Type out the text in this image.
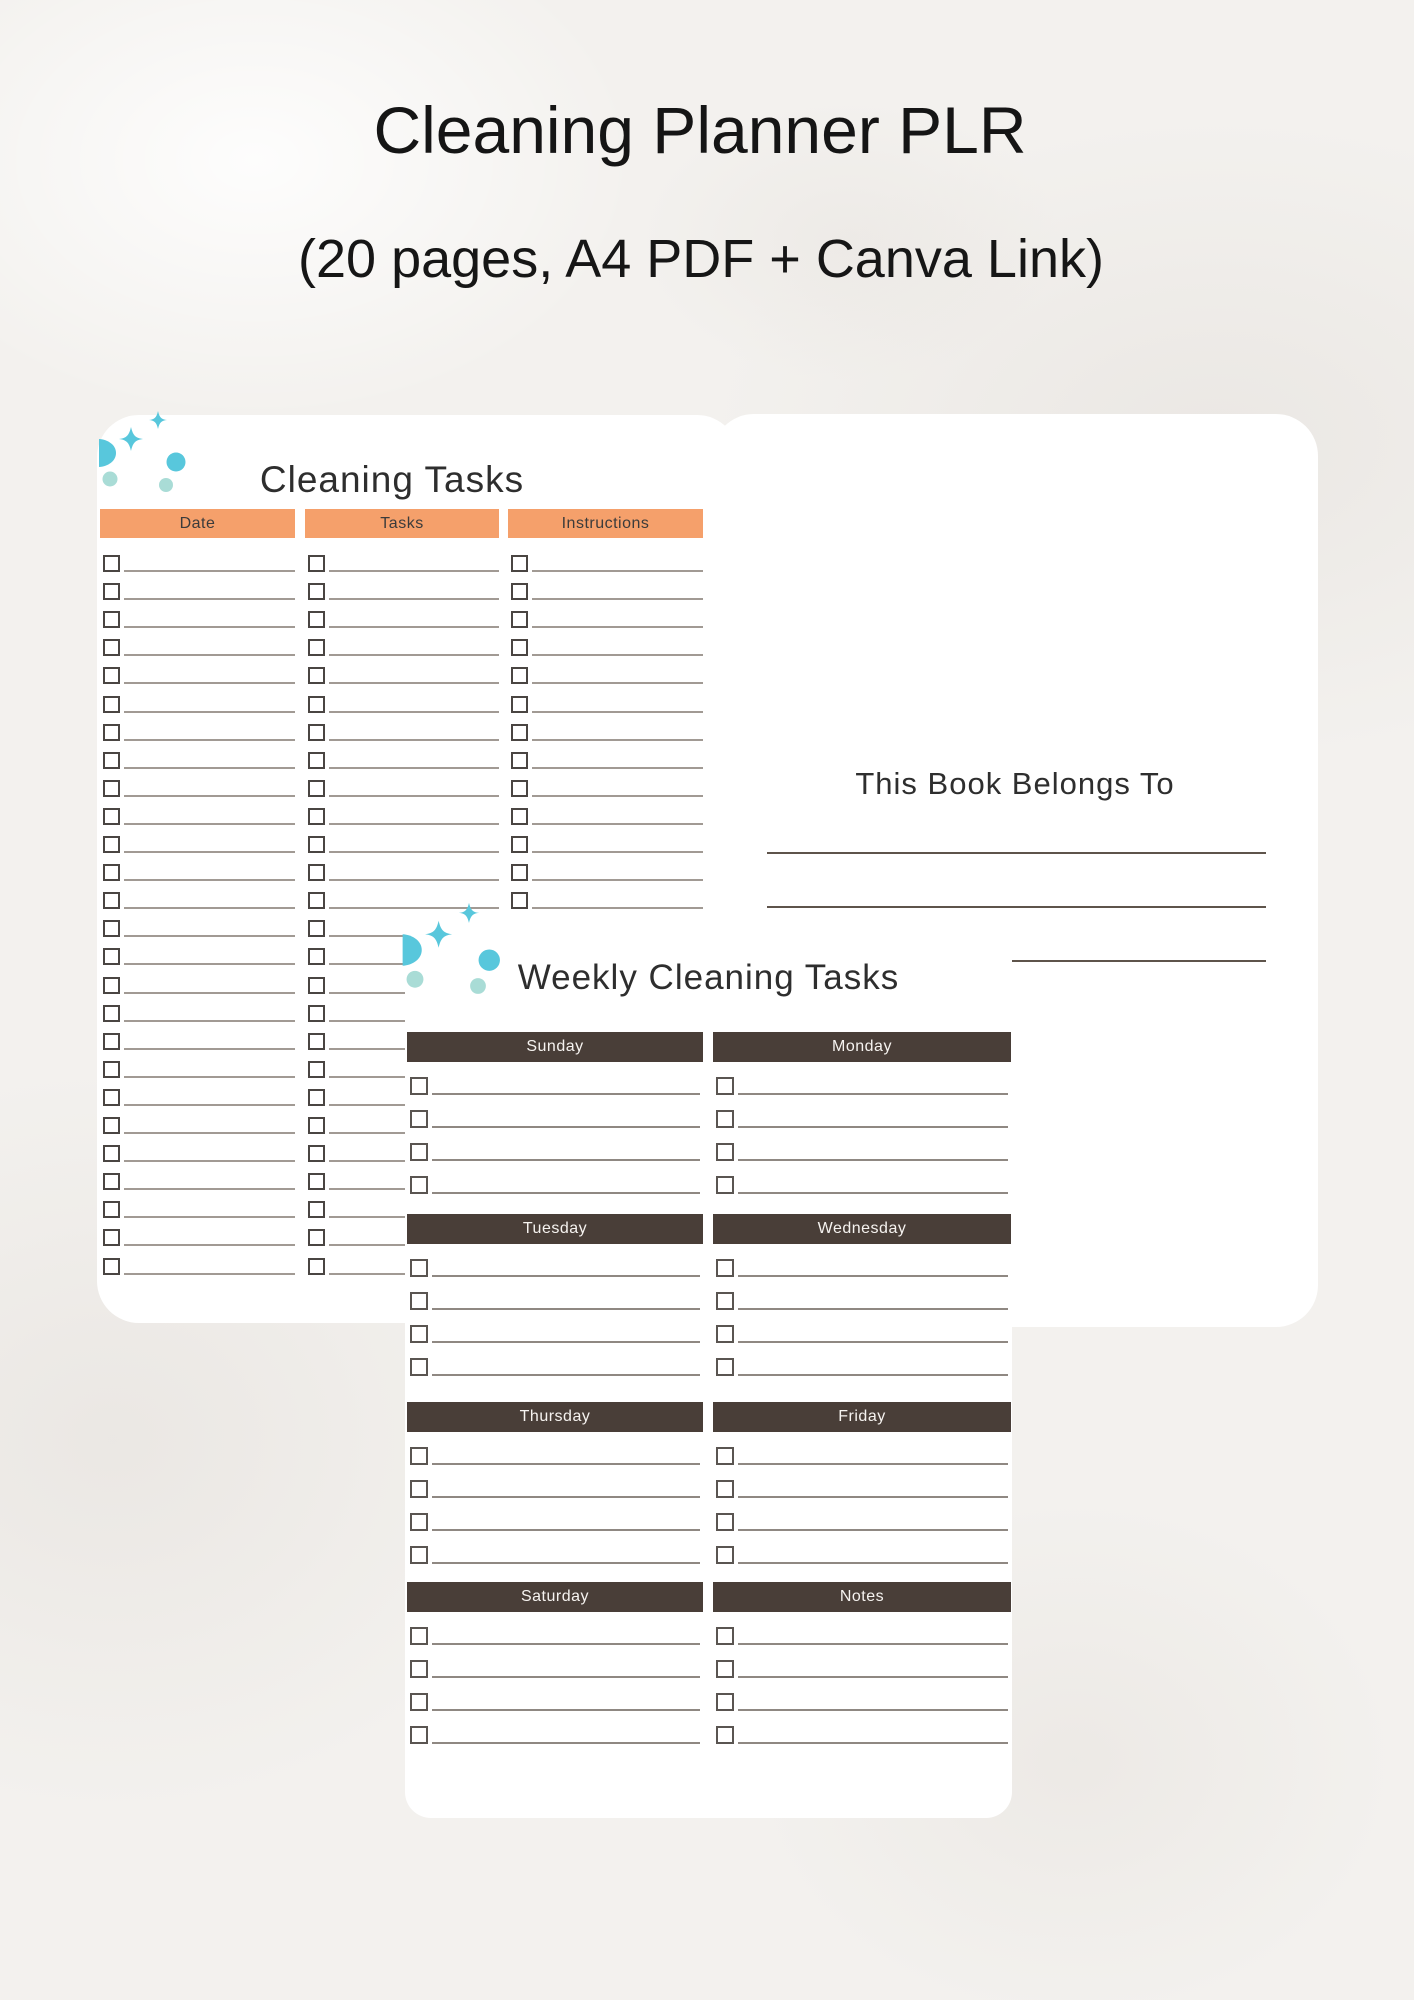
Cleaning Planner PLR
(20 pages, A4 PDF + Canva Link)
Cleaning Tasks
Date	Tasks	Instructions
This Book Belongs To
Weekly Cleaning Tasks
Sunday	Monday
Tuesday	Wednesday
Thursday	Friday
Saturday	Notes
